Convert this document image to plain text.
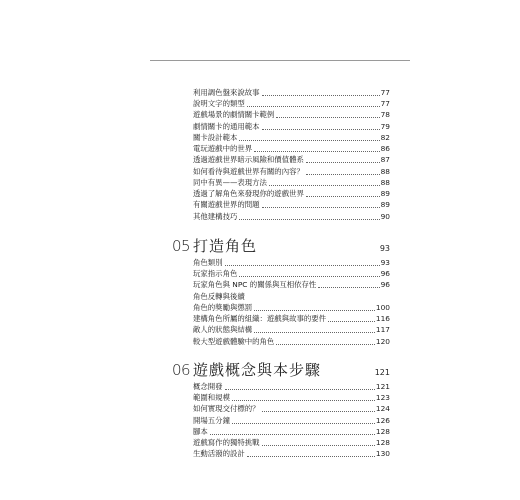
利用調色盤來說故事	77
說明文字的類型	77
遊戲場景的劇情關卡範例	78
劇情關卡的通用範本	79
關卡設計範本	82
電玩遊戲中的世界	86
透過遊戲世界暗示風險和價值體系	87
如何看待與遊戲世界有關的內容？	88
同中有異——表現方法	88
透過了解角色來發現你的遊戲世界	89
有關遊戲世界的問題	89
其他建構技巧	90
05 打造角色	93
角色類別	93
玩家指示角色	96
玩家角色與 NPC 的關係與互相依存性	96
角色反轉與後續
角色的獎勵與懲罰	100
建構角色所屬的組織：遊戲與故事的要件	116
敵人的狀態與結構	117
較大型遊戲體驗中的角色	120
06 遊戲概念與本步驟	121
概念開發	121
範圍和規模	123
如何實現交付標的？	124
開場五分鐘	126
腳本	128
遊戲寫作的獨特挑戰	128
生動活潑的設計	130
